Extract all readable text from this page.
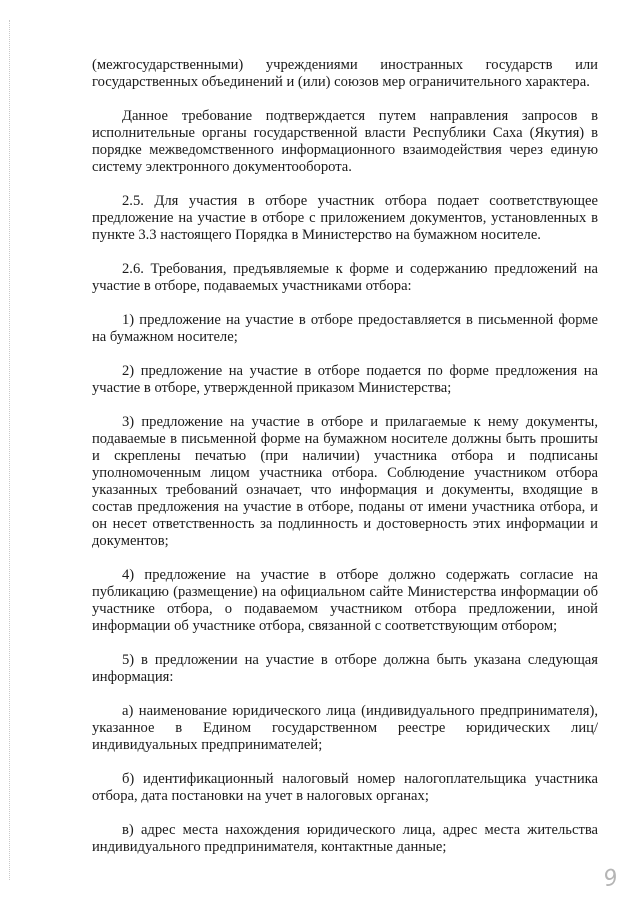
(межгосударственными) учреждениями иностранных государств или государственных объединений и (или) союзов мер ограничительного характера.

Данное требование подтверждается путем направления запросов в исполнительные органы государственной власти Республики Саха (Якутия) в порядке межведомственного информационного взаимодействия через единую систему электронного документооборота.

2.5. Для участия в отборе участник отбора подает соответствующее предложение на участие в отборе с приложением документов, установленных в пункте 3.3 настоящего Порядка в Министерство на бумажном носителе.

2.6. Требования, предъявляемые к форме и содержанию предложений на участие в отборе, подаваемых участниками отбора:

1) предложение на участие в отборе предоставляется в письменной форме на бумажном носителе;

2) предложение на участие в отборе подается по форме предложения на участие в отборе, утвержденной приказом Министерства;

3) предложение на участие в отборе и прилагаемые к нему документы, подаваемые в письменной форме на бумажном носителе должны быть прошиты и скреплены печатью (при наличии) участника отбора и подписаны уполномоченным лицом участника отбора. Соблюдение участником отбора указанных требований означает, что информация и документы, входящие в состав предложения на участие в отборе, поданы от имени участника отбора, и он несет ответственность за подлинность и достоверность этих информации и документов;

4) предложение на участие в отборе должно содержать согласие на публикацию (размещение) на официальном сайте Министерства информации об участнике отбора, о подаваемом участником отбора предложении, иной информации об участнике отбора, связанной с соответствующим отбором;

5) в предложении на участие в отборе должна быть указана следующая информация:

а) наименование юридического лица (индивидуального предпринимателя), указанное в Едином государственном реестре юридических лиц/индивидуальных предпринимателей;

б) идентификационный налоговый номер налогоплательщика участника отбора, дата постановки на учет в налоговых органах;

в) адрес места нахождения юридического лица, адрес места жительства индивидуального предпринимателя, контактные данные;

9
